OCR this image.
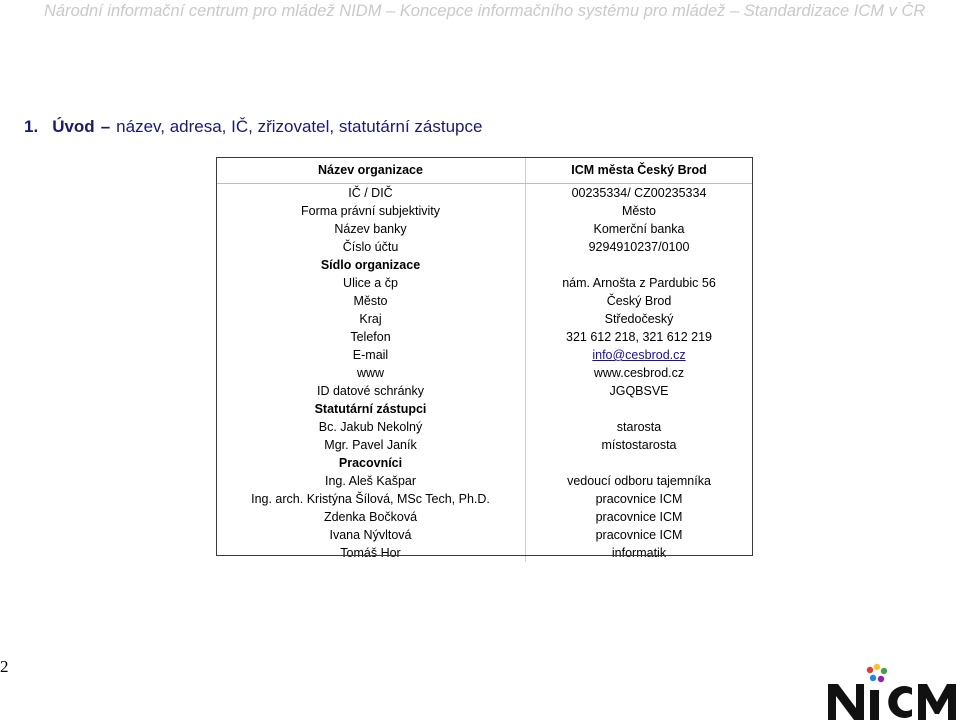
Národní informační centrum pro mládež NIDM – Koncepce informačního systému pro mládež – Standardizace ICM v ČR
1. Úvod – název, adresa, IČ, zřizovatel, statutární zástupce
Název organizace	ICM města Český Brod
IČ / DIČ	00235334/ CZ00235334
Forma právní subjektivity	Město
Název banky	Komerční banka
Číslo účtu	9294910237/0100
Sídlo organizace	
Ulice a čp	nám. Arnošta z Pardubic 56
Město	Český Brod
Kraj	Středočeský
Telefon	321 612 218, 321 612 219
E-mail	info@cesbrod.cz
www	www.cesbrod.cz
ID datové schránky	JGQBSVE
Statutární zástupci	
Bc. Jakub Nekolný	starosta
Mgr. Pavel Janík	místostarosta
Pracovníci	
Ing. Aleš Kašpar	vedoucí odboru tajemníka
Ing. arch. Kristýna Šílová, MSc Tech, Ph.D.	pracovnice ICM
Zdenka Bočková	pracovnice ICM
Ivana Nývltová	pracovnice ICM
Tomáš Hor	informatik
2
